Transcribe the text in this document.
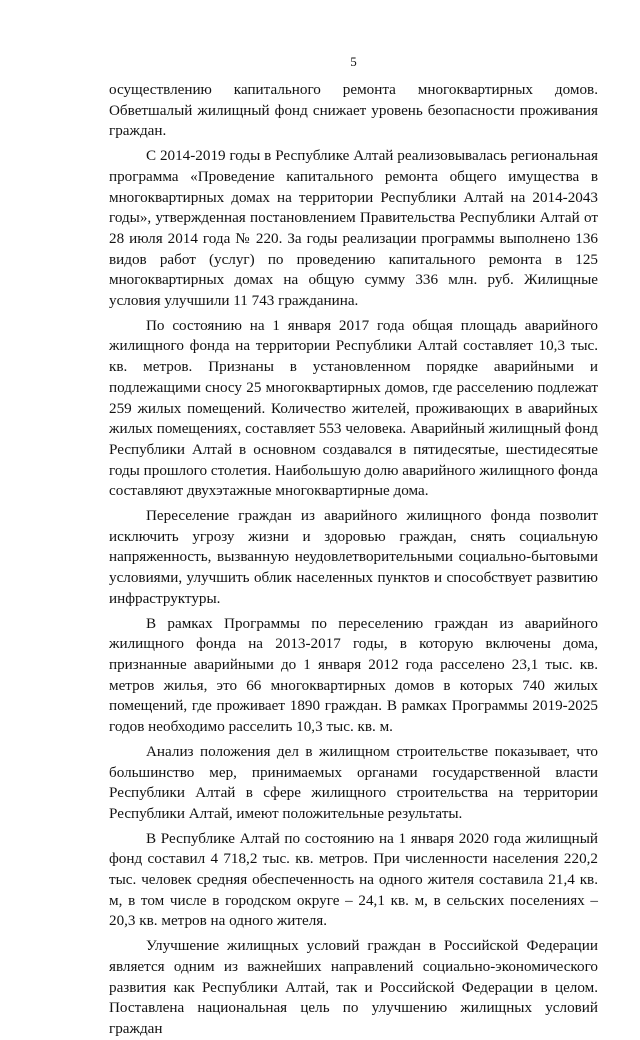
5

осуществлению капитального ремонта многоквартирных домов. Обветшалый жилищный фонд снижает уровень безопасности проживания граждан.

С 2014-2019 годы в Республике Алтай реализовывалась региональная программа «Проведение капитального ремонта общего имущества в многоквартирных домах на территории Республики Алтай на 2014-2043 годы», утвержденная постановлением Правительства Республики Алтай от 28 июля 2014 года № 220. За годы реализации программы выполнено 136 видов работ (услуг) по проведению капитального ремонта в 125 многоквартирных домах на общую сумму 336 млн. руб. Жилищные условия улучшили 11 743 гражданина.

По состоянию на 1 января 2017 года общая площадь аварийного жилищного фонда на территории Республики Алтай составляет 10,3 тыс. кв. метров. Признаны в установленном порядке аварийными и подлежащими сносу 25 многоквартирных домов, где расселению подлежат 259 жилых помещений. Количество жителей, проживающих в аварийных жилых помещениях, составляет 553 человека. Аварийный жилищный фонд Республики Алтай в основном создавался в пятидесятые, шестидесятые годы прошлого столетия. Наибольшую долю аварийного жилищного фонда составляют двухэтажные многоквартирные дома.

Переселение граждан из аварийного жилищного фонда позволит исключить угрозу жизни и здоровью граждан, снять социальную напряженность, вызванную неудовлетворительными социально-бытовыми условиями, улучшить облик населенных пунктов и способствует развитию инфраструктуры.

В рамках Программы по переселению граждан из аварийного жилищного фонда на 2013-2017 годы, в которую включены дома, признанные аварийными до 1 января 2012 года расселено 23,1 тыс. кв. метров жилья, это 66 многоквартирных домов в которых 740 жилых помещений, где проживает 1890 граждан. В рамках Программы 2019-2025 годов необходимо расселить 10,3 тыс. кв. м.

Анализ положения дел в жилищном строительстве показывает, что большинство мер, принимаемых органами государственной власти Республики Алтай в сфере жилищного строительства на территории Республики Алтай, имеют положительные результаты.

В Республике Алтай по состоянию на 1 января 2020 года жилищный фонд составил 4 718,2 тыс. кв. метров. При численности населения 220,2 тыс. человек средняя обеспеченность на одного жителя составила 21,4 кв. м, в том числе в городском округе – 24,1 кв. м, в сельских поселениях – 20,3 кв. метров на одного жителя.

Улучшение жилищных условий граждан в Российской Федерации является одним из важнейших направлений социально-экономического развития как Республики Алтай, так и Российской Федерации в целом. Поставлена национальная цель по улучшению жилищных условий граждан
